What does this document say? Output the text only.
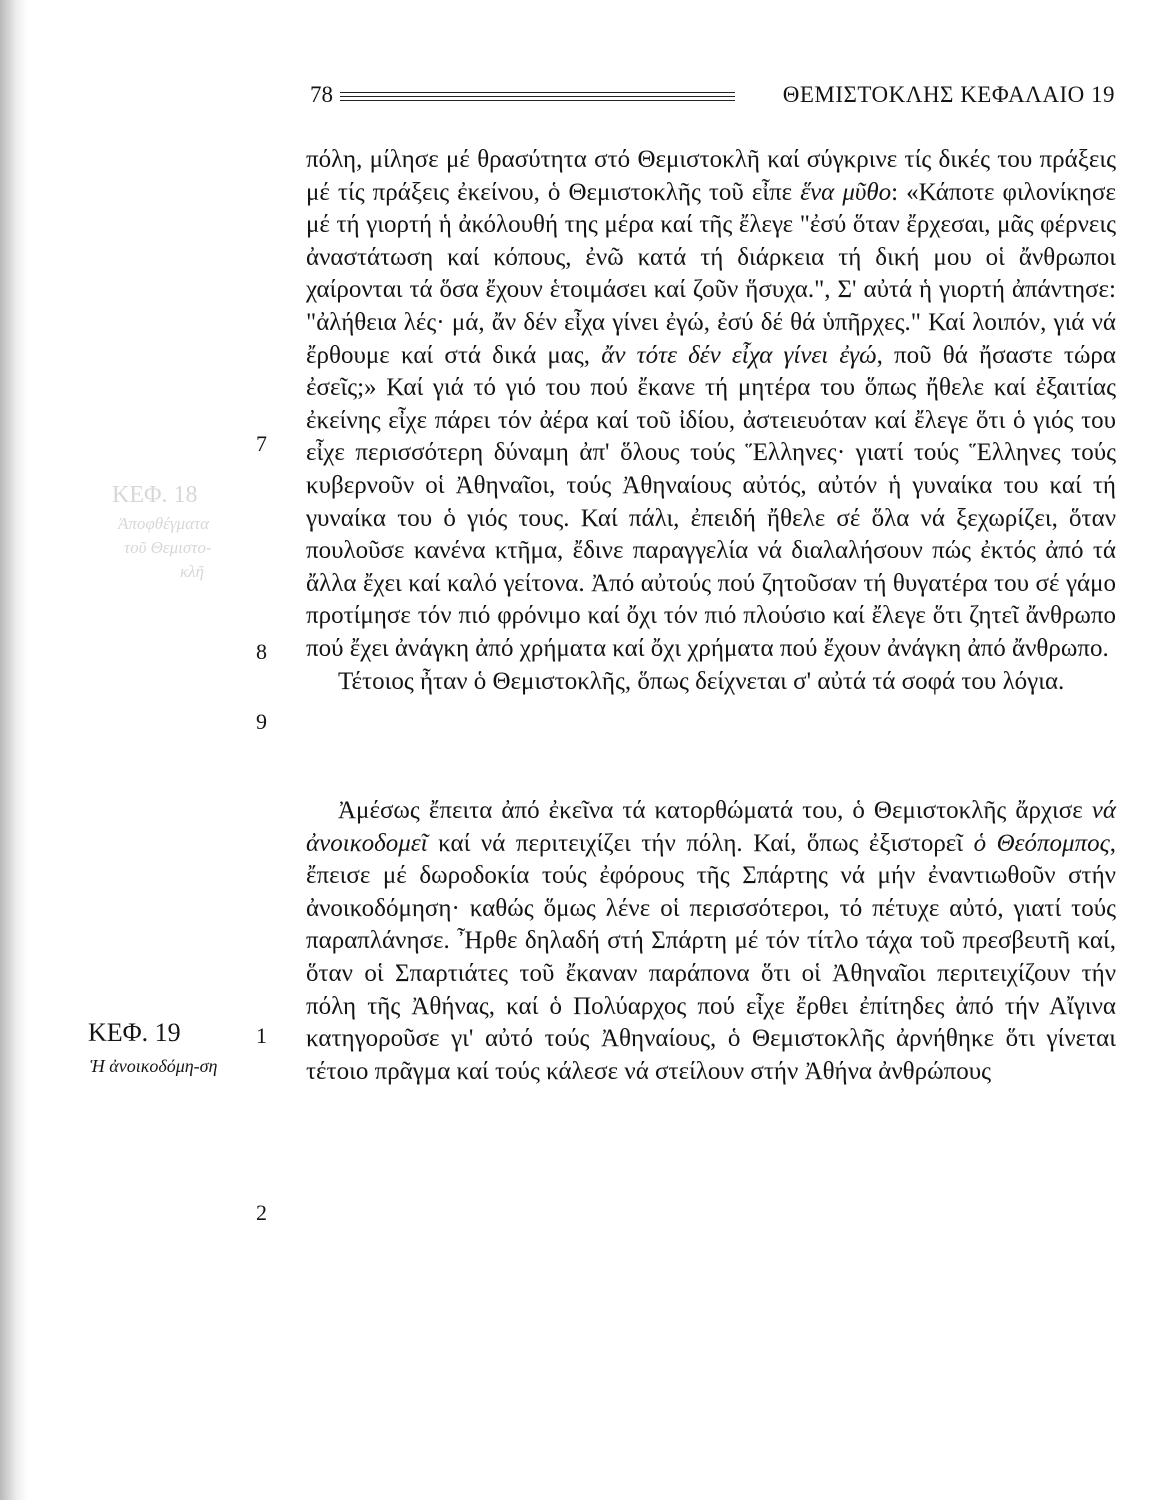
ΚΕΦ. 18
Ἀποφθέγματα
τοῦ Θεμιστο-
κλῆ
78	ΘΕΜΙΣΤΟΚΛΗΣ ΚΕΦΑΛΑΙΟ 19
7
8
9
1
2
ΚΕΦ. 19
Ἡ ἀνοικοδόμη-ση

πόλη, μίλησε μέ θρασύτητα στό Θεμιστοκλῆ καί σύγκρινε τίς δικές του πράξεις μέ τίς πράξεις ἐκείνου, ὁ Θεμιστοκλῆς τοῦ εἶπε ἕνα μῦθο: «Κάποτε φιλονίκησε μέ τή γιορτή ἡ ἀκόλουθή της μέρα καί τῆς ἔλεγε "ἐσύ ὅταν ἔρχεσαι, μᾶς φέρνεις ἀναστάτωση καί κόπους, ἐνῶ κατά τή διάρκεια τή δική μου οἱ ἄνθρωποι χαίρονται τά ὅσα ἔχουν ἑτοιμάσει καί ζοῦν ἥσυχα.", Σ' αὐτά ἡ γιορτή ἀπάντησε: "ἀλήθεια λές· μά, ἄν δέν εἶχα γίνει ἐγώ, ἐσύ δέ θά ὑπῆρχες." Καί λοιπόν, γιά νά ἔρθουμε καί στά δικά μας, ἄν τότε δέν εἶχα γίνει ἐγώ, ποῦ θά ἤσαστε τώρα ἐσεῖς;» Καί γιά τό γιό του πού ἔκανε τή μητέρα του ὅπως ἤθελε καί ἐξαιτίας ἐκείνης εἶχε πάρει τόν ἀέρα καί τοῦ ἰδίου, ἀστειευόταν καί ἔλεγε ὅτι ὁ γιός του εἶχε περισσότερη δύναμη ἀπ' ὅλους τούς Ἕλληνες· γιατί τούς Ἕλληνες τούς κυβερνοῦν οἱ Ἀθηναῖοι, τούς Ἀθηναίους αὐτός, αὐτόν ἡ γυναίκα του καί τή γυναίκα του ὁ γιός τους. Καί πάλι, ἐπειδή ἤθελε σέ ὅλα νά ξεχωρίζει, ὅταν πουλοῦσε κανένα κτῆμα, ἔδινε παραγγελία νά διαλαλήσουν πώς ἐκτός ἀπό τά ἄλλα ἔχει καί καλό γείτονα. Ἀπό αὐτούς πού ζητοῦσαν τή θυγατέρα του σέ γάμο προτίμησε τόν πιό φρόνιμο καί ὄχι τόν πιό πλούσιο καί ἔλεγε ὅτι ζητεῖ ἄνθρωπο πού ἔχει ἀνάγκη ἀπό χρήματα καί ὄχι χρήματα πού ἔχουν ἀνάγκη ἀπό ἄνθρωπο.

Τέτοιος ἦταν ὁ Θεμιστοκλῆς, ὅπως δείχνεται σ' αὐτά τά σοφά του λόγια.

Ἀμέσως ἔπειτα ἀπό ἐκεῖνα τά κατορθώματά του, ὁ Θεμιστοκλῆς ἄρχισε νά ἀνοικοδομεῖ καί νά περιτειχίζει τήν πόλη. Καί, ὅπως ἐξιστορεῖ ὁ Θεόπομπος, ἔπεισε μέ δωροδοκία τούς ἐφόρους τῆς Σπάρτης νά μήν ἐναντιωθοῦν στήν ἀνοικοδόμηση· καθώς ὅμως λένε οἱ περισσότεροι, τό πέτυχε αὐτό, γιατί τούς παραπλάνησε. Ἦρθε δηλαδή στή Σπάρτη μέ τόν τίτλο τάχα τοῦ πρεσβευτῆ καί, ὅταν οἱ Σπαρτιάτες τοῦ ἔκαναν παράπονα ὅτι οἱ Ἀθηναῖοι περιτειχίζουν τήν πόλη τῆς Ἀθήνας, καί ὁ Πολύαρχος πού εἶχε ἔρθει ἐπίτηδες ἀπό τήν Αἴγινα κατηγοροῦσε γι' αὐτό τούς Ἀθηναίους, ὁ Θεμιστοκλῆς ἀρνήθηκε ὅτι γίνεται τέτοιο πρᾶγμα καί τούς κάλεσε νά στείλουν στήν Ἀθήνα ἀνθρώπους
